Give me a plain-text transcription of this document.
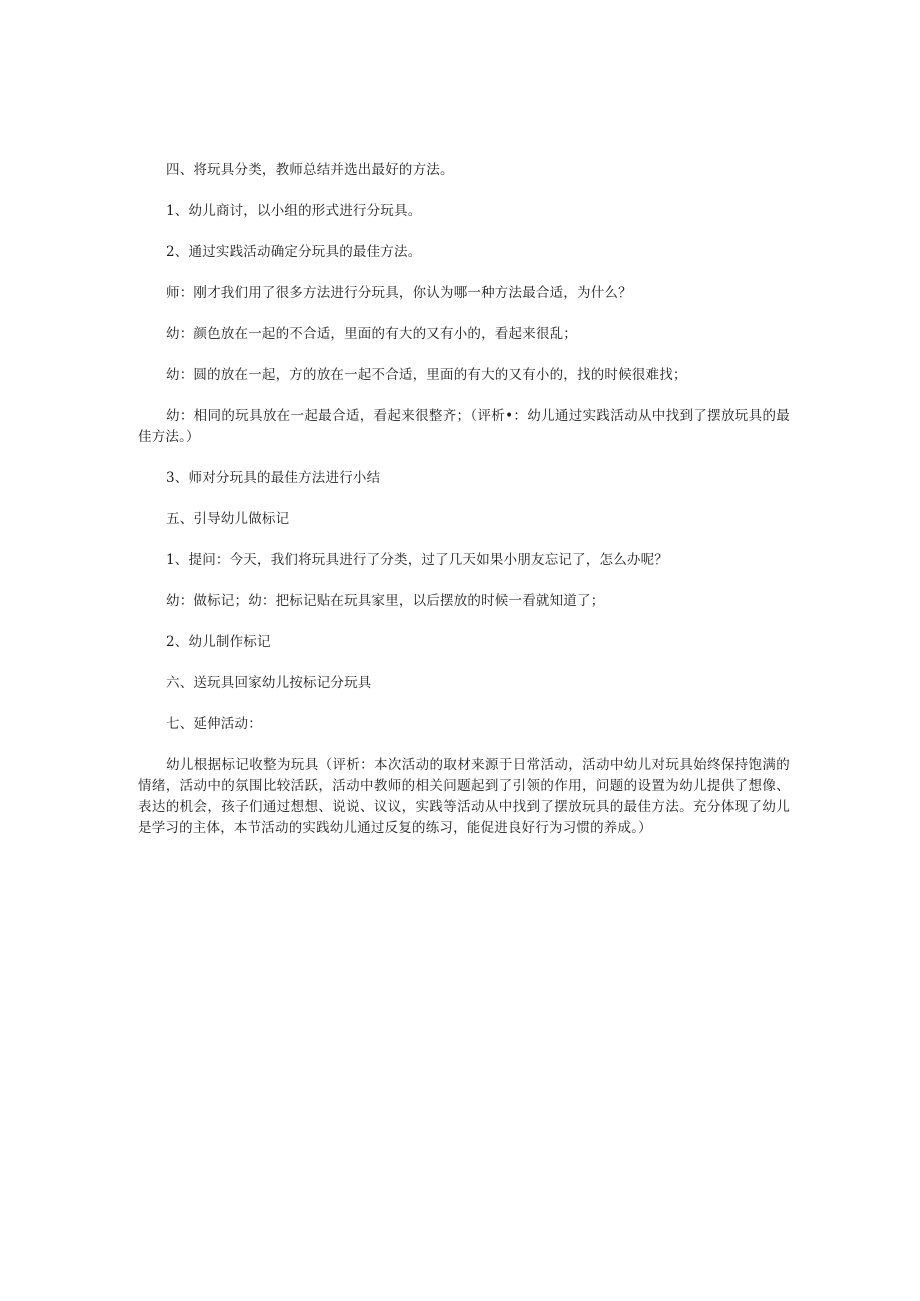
四、将玩具分类，教师总结并选出最好的方法。

1、幼儿商讨，以小组的形式进行分玩具。

2、通过实践活动确定分玩具的最佳方法。

师：刚才我们用了很多方法进行分玩具，你认为哪一种方法最合适，为什么？

幼：颜色放在一起的不合适，里面的有大的又有小的，看起来很乱；

幼：圆的放在一起，方的放在一起不合适，里面的有大的又有小的，找的时候很难找；

幼：相同的玩具放在一起最合适，看起来很整齐；（评析•：幼儿通过实践活动从中找到了摆放玩具的最佳方法。）

3、师对分玩具的最佳方法进行小结

五、引导幼儿做标记

1、提问：今天，我们将玩具进行了分类，过了几天如果小朋友忘记了，怎么办呢？

幼：做标记；幼：把标记贴在玩具家里，以后摆放的时候一看就知道了；

2、幼儿制作标记

六、送玩具回家幼儿按标记分玩具

七、延伸活动：

幼儿根据标记收整为玩具（评析：本次活动的取材来源于日常活动，活动中幼儿对玩具始终保持饱满的情绪，活动中的氛围比较活跃，活动中教师的相关问题起到了引领的作用，问题的设置为幼儿提供了想像、表达的机会，孩子们通过想想、说说、议议，实践等活动从中找到了摆放玩具的最佳方法。充分体现了幼儿是学习的主体，本节活动的实践幼儿通过反复的练习，能促进良好行为习惯的养成。）
